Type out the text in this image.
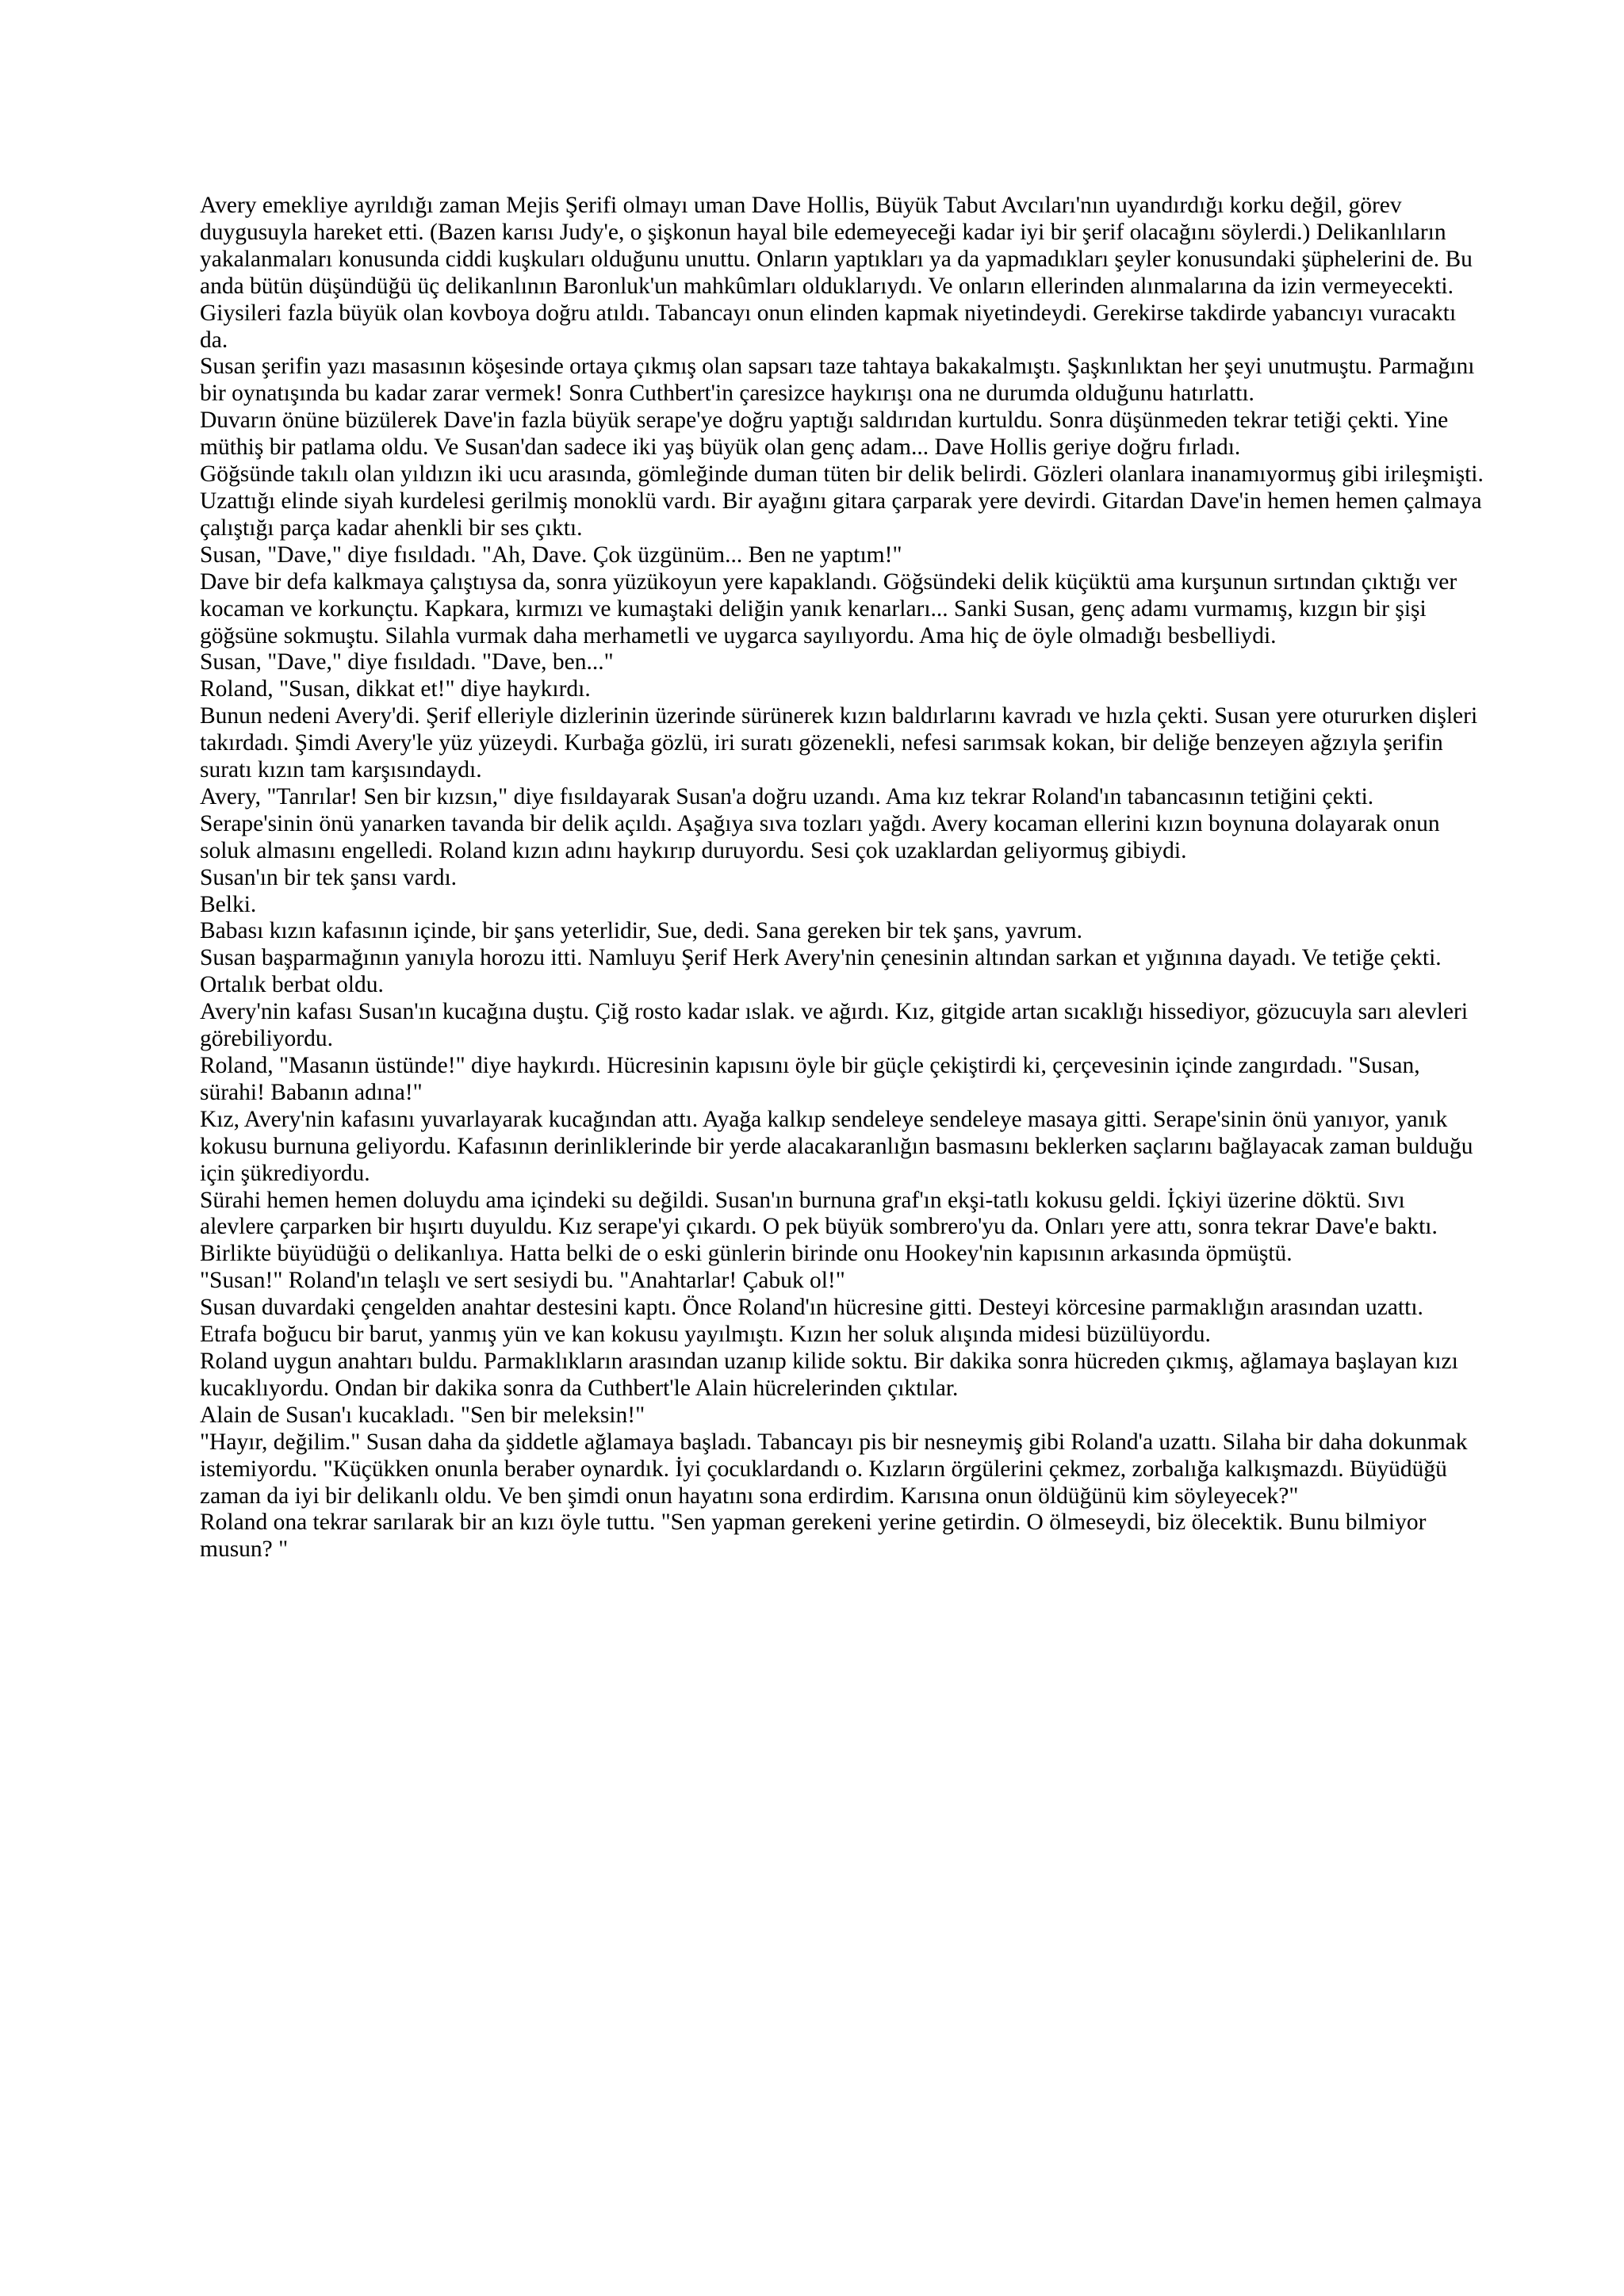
Avery emekliye ayrıldığı zaman Mejis Şerifi olmayı uman Dave Hollis, Büyük Tabut Avcıları'nın uyandırdığı korku değil, görev duygusuyla hareket etti. (Bazen karısı Judy'e, o şişkonun hayal bile edemeyeceği kadar iyi bir şerif olacağını söylerdi.) Delikanlıların yakalanmaları konusunda ciddi kuşkuları olduğunu unuttu. Onların yaptıkları ya da yapmadıkları şeyler konusundaki şüphelerini de. Bu anda bütün düşündüğü üç delikanlının Baronluk'un mahkûmları olduklarıydı. Ve onların ellerinden alınmalarına da izin vermeyecekti.

Giysileri fazla büyük olan kovboya doğru atıldı. Tabancayı onun elinden kapmak niyetindeydi. Gerekirse takdirde yabancıyı vuracaktı da.

Susan şerifin yazı masasının köşesinde ortaya çıkmış olan sapsarı taze tahtaya bakakalmıştı. Şaşkınlıktan her şeyi unutmuştu. Parmağını bir oynatışında bu kadar zarar vermek! Sonra Cuthbert'in çaresizce haykırışı ona ne durumda olduğunu hatırlattı.

Duvarın önüne büzülerek Dave'in fazla büyük serape'ye doğru yaptığı saldırıdan kurtuldu. Sonra düşünmeden tekrar tetiği çekti. Yine müthiş bir patlama oldu. Ve Susan'dan sadece iki yaş büyük olan genç adam... Dave Hollis geriye doğru fırladı.

Göğsünde takılı olan yıldızın iki ucu arasında, gömleğinde duman tüten bir delik belirdi. Gözleri olanlara inanamıyormuş gibi irileşmişti. Uzattığı elinde siyah kurdelesi gerilmiş monoklü vardı. Bir ayağını gitara çarparak yere devirdi. Gitardan Dave'in hemen hemen çalmaya çalıştığı parça kadar ahenkli bir ses çıktı.

Susan, "Dave," diye fısıldadı. "Ah, Dave. Çok üzgünüm... Ben ne yaptım!"

Dave bir defa kalkmaya çalıştıysa da, sonra yüzükoyun yere kapaklandı. Göğsündeki delik küçüktü ama kurşunun sırtından çıktığı ver kocaman ve korkunçtu. Kapkara, kırmızı ve kumaştaki deliğin yanık kenarları... Sanki Susan, genç adamı vurmamış, kızgın bir şişi göğsüne sokmuştu. Silahla vurmak daha merhametli ve uygarca sayılıyordu. Ama hiç de öyle olmadığı besbelliydi.

Susan, "Dave," diye fısıldadı. "Dave, ben..."

Roland, "Susan, dikkat et!" diye haykırdı.

Bunun nedeni Avery'di. Şerif elleriyle dizlerinin üzerinde sürünerek kızın baldırlarını kavradı ve hızla çekti. Susan yere otururken dişleri takırdadı. Şimdi Avery'le yüz yüzeydi. Kurbağa gözlü, iri suratı gözenekli, nefesi sarımsak kokan, bir deliğe benzeyen ağzıyla şerifin suratı kızın tam karşısındaydı.

Avery, "Tanrılar! Sen bir kızsın," diye fısıldayarak Susan'a doğru uzandı. Ama kız tekrar Roland'ın tabancasının tetiğini çekti. Serape'sinin önü yanarken tavanda bir delik açıldı. Aşağıya sıva tozları yağdı. Avery kocaman ellerini kızın boynuna dolayarak onun soluk almasını engelledi. Roland kızın adını haykırıp duruyordu. Sesi çok uzaklardan geliyormuş gibiydi.

Susan'ın bir tek şansı vardı.

Belki.

Babası kızın kafasının içinde, bir şans yeterlidir, Sue, dedi. Sana gereken bir tek şans, yavrum.

Susan başparmağının yanıyla horozu itti. Namluyu Şerif Herk Avery'nin çenesinin altından sarkan et yığınına dayadı. Ve tetiğe çekti.

Ortalık berbat oldu.

Avery'nin kafası Susan'ın kucağına duştu. Çiğ rosto kadar ıslak. ve ağırdı. Kız, gitgide artan sıcaklığı hissediyor, gözucuyla sarı alevleri görebiliyordu.

Roland, "Masanın üstünde!" diye haykırdı. Hücresinin kapısını öyle bir güçle çekiştirdi ki, çerçevesinin içinde zangırdadı. "Susan, sürahi! Babanın adına!"

Kız, Avery'nin kafasını yuvarlayarak kucağından attı. Ayağa kalkıp sendeleye sendeleye masaya gitti. Serape'sinin önü yanıyor, yanık kokusu burnuna geliyordu. Kafasının derinliklerinde bir yerde alacakaranlığın basmasını beklerken saçlarını bağlayacak zaman bulduğu için şükrediyordu.

Sürahi hemen hemen doluydu ama içindeki su değildi. Susan'ın burnuna graf'ın ekşi-tatlı kokusu geldi. İçkiyi üzerine döktü. Sıvı alevlere çarparken bir hışırtı duyuldu. Kız serape'yi çıkardı. O pek büyük sombrero'yu da. Onları yere attı, sonra tekrar Dave'e baktı. Birlikte büyüdüğü o delikanlıya. Hatta belki de o eski günlerin birinde onu Hookey'nin kapısının arkasında öpmüştü.

"Susan!" Roland'ın telaşlı ve sert sesiydi bu. "Anahtarlar! Çabuk ol!"

Susan duvardaki çengelden anahtar destesini kaptı. Önce Roland'ın hücresine gitti. Desteyi körcesine parmaklığın arasından uzattı. Etrafa boğucu bir barut, yanmış yün ve kan kokusu yayılmıştı. Kızın her soluk alışında midesi büzülüyordu.

Roland uygun anahtarı buldu. Parmaklıkların arasından uzanıp kilide soktu. Bir dakika sonra hücreden çıkmış, ağlamaya başlayan kızı kucaklıyordu. Ondan bir dakika sonra da Cuthbert'le Alain hücrelerinden çıktılar.

Alain de Susan'ı kucakladı. "Sen bir meleksin!"

"Hayır, değilim." Susan daha da şiddetle ağlamaya başladı. Tabancayı pis bir nesneymiş gibi Roland'a uzattı. Silaha bir daha dokunmak istemiyordu. "Küçükken onunla beraber oynardık. İyi çocuklardandı o. Kızların örgülerini çekmez, zorbalığa kalkışmazdı. Büyüdüğü zaman da iyi bir delikanlı oldu. Ve ben şimdi onun hayatını sona erdirdim. Karısına onun öldüğünü kim söyleyecek?"

Roland ona tekrar sarılarak bir an kızı öyle tuttu. "Sen yapman gerekeni yerine getirdin. O ölmeseydi, biz ölecektik. Bunu bilmiyor musun? "
